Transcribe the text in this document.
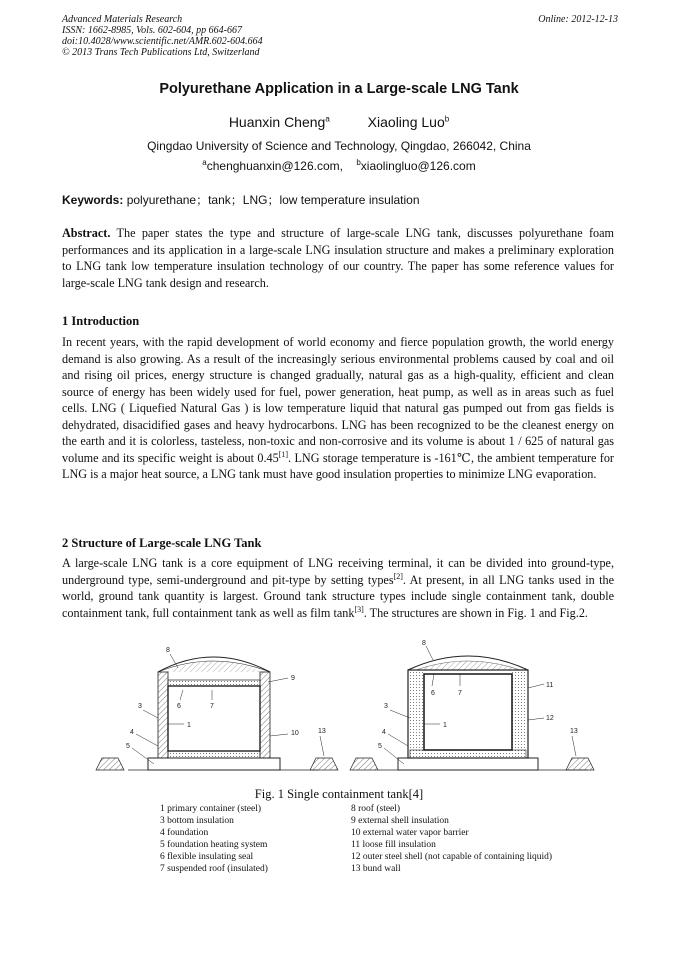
Advanced Materials Research
ISSN: 1662-8985, Vols. 602-604, pp 664-667
doi:10.4028/www.scientific.net/AMR.602-604.664
© 2013 Trans Tech Publications Ltd, Switzerland
Online: 2012-12-13
Polyurethane Application in a Large-scale LNG Tank
Huanxin Cheng$^a$	Xiaoling Luo$^b$
Qingdao University of Science and Technology, Qingdao, 266042, China
$^a$chenghuanxin@126.com, $^b$xiaolingluo@126.com
Keywords: polyurethane；tank；LNG；low temperature insulation
Abstract. The paper states the type and structure of large-scale LNG tank, discusses polyurethane foam performances and its application in a large-scale LNG insulation structure and makes a preliminary exploration to LNG tank low temperature insulation technology of our country. The paper has some reference values for large-scale LNG tank design and research.
1 Introduction
In recent years, with the rapid development of world economy and fierce population growth, the world energy demand is also growing. As a result of the increasingly serious environmental problems caused by coal and oil and rising oil prices, energy structure is changed gradually, natural gas as a high-quality, efficient and clean source of energy has been widely used for fuel, power generation, heat pump, as well as in areas such as fuel cells. LNG ( Liquefied Natural Gas ) is low temperature liquid that natural gas pumped out from gas fields is dehydrated, disacidified gases and heavy hydrocarbons. LNG has been recognized to be the cleanest energy on the earth and it is colorless, tasteless, non-toxic and non-corrosive and its volume is about 1 / 625 of natural gas volume and its specific weight is about 0.45[1]. LNG storage temperature is -161℃, the ambient temperature for LNG is a major heat source, a LNG tank must have good insulation properties to minimize LNG evaporation.
2 Structure of Large-scale LNG Tank
A large-scale LNG tank is a core equipment of LNG receiving terminal, it can be divided into ground-type, underground type, semi-underground and pit-type by setting types[2]. At present, in all LNG tanks used in the world, ground tank quantity is largest. Ground tank structure types include single containment tank, double containment tank, full containment tank as well as film tank[3]. The structures are shown in Fig. 1 and Fig.2.
8
9
6	7
3
1
4	10	13
5
8
6	7
11
3
12
1
13
4
5
Fig. 1 Single containment tank[4]
1 primary container (steel)
3 bottom insulation
4 foundation
5 foundation heating system
6 flexible insulating seal
7 suspended roof (insulated)
8 roof (steel)
9 external shell insulation
10 external water vapor barrier
11 loose fill insulation
12 outer steel shell (not capable of containing liquid)
13 bund wall
